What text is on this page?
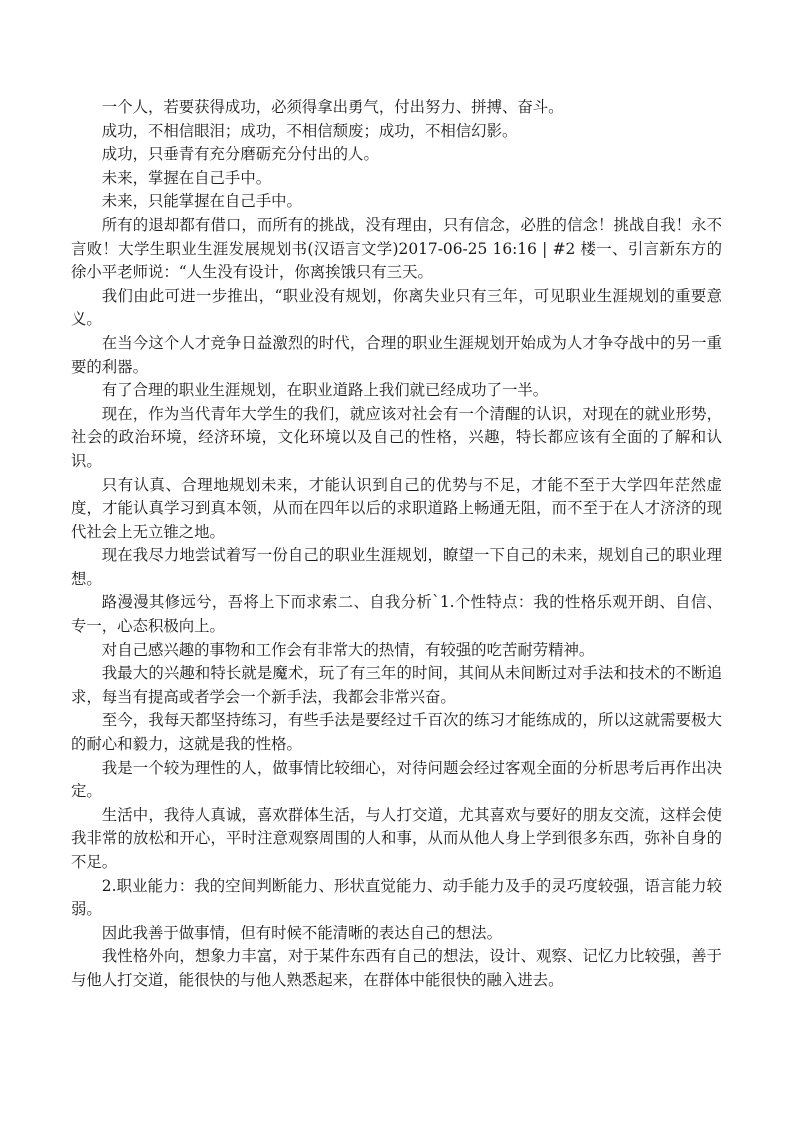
一个人，若要获得成功，必须得拿出勇气，付出努力、拼搏、奋斗。

成功，不相信眼泪；成功，不相信颓废；成功，不相信幻影。

成功，只垂青有充分磨砺充分付出的人。

未来，掌握在自己手中。

未来，只能掌握在自己手中。

所有的退却都有借口，而所有的挑战，没有理由，只有信念，必胜的信念！挑战自我！永不言败！大学生职业生涯发展规划书(汉语言文学)2017-06-25 16:16 | #2 楼一、引言新东方的徐小平老师说：“人生没有设计，你离挨饿只有三天。

我们由此可进一步推出，“职业没有规划，你离失业只有三年，可见职业生涯规划的重要意义。

在当今这个人才竞争日益激烈的时代，合理的职业生涯规划开始成为人才争夺战中的另一重要的利器。

有了合理的职业生涯规划，在职业道路上我们就已经成功了一半。

现在，作为当代青年大学生的我们，就应该对社会有一个清醒的认识，对现在的就业形势，社会的政治环境，经济环境，文化环境以及自己的性格，兴趣，特长都应该有全面的了解和认识。

只有认真、合理地规划未来，才能认识到自己的优势与不足，才能不至于大学四年茫然虚度，才能认真学习到真本领，从而在四年以后的求职道路上畅通无阻，而不至于在人才济济的现代社会上无立锥之地。

现在我尽力地尝试着写一份自己的职业生涯规划，瞭望一下自己的未来，规划自己的职业理想。

路漫漫其修远兮，吾将上下而求索二、自我分析`1.个性特点：我的性格乐观开朗、自信、专一，心态积极向上。

对自己感兴趣的事物和工作会有非常大的热情，有较强的吃苦耐劳精神。

我最大的兴趣和特长就是魔术，玩了有三年的时间，其间从未间断过对手法和技术的不断追求，每当有提高或者学会一个新手法，我都会非常兴奋。

至今，我每天都坚持练习，有些手法是要经过千百次的练习才能练成的，所以这就需要极大的耐心和毅力，这就是我的性格。

我是一个较为理性的人，做事情比较细心，对待问题会经过客观全面的分析思考后再作出决定。

生活中，我待人真诚，喜欢群体生活，与人打交道，尤其喜欢与要好的朋友交流，这样会使我非常的放松和开心，平时注意观察周围的人和事，从而从他人身上学到很多东西，弥补自身的不足。

2.职业能力：我的空间判断能力、形状直觉能力、动手能力及手的灵巧度较强，语言能力较弱。

因此我善于做事情，但有时候不能清晰的表达自己的想法。

我性格外向，想象力丰富，对于某件东西有自己的想法，设计、观察、记忆力比较强，善于与他人打交道，能很快的与他人熟悉起来，在群体中能很快的融入进去。
